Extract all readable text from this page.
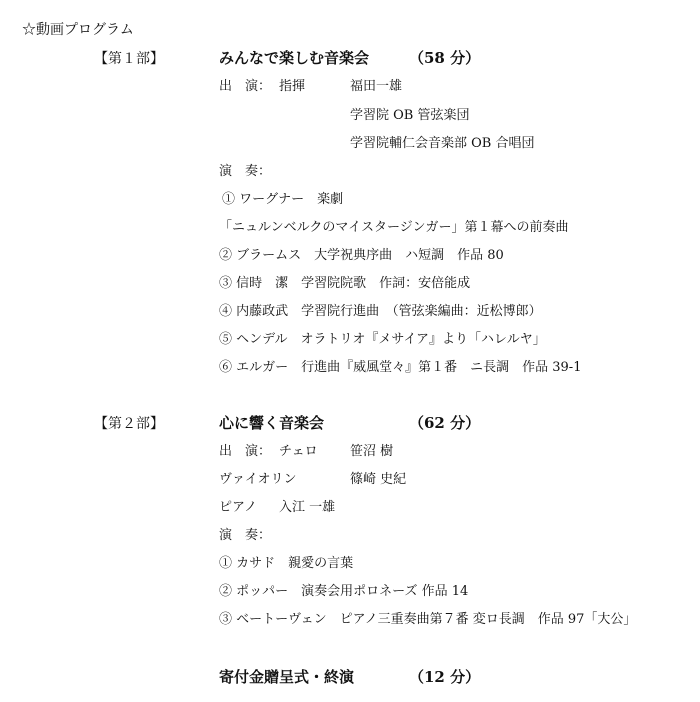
☆動画プログラム
【第１部】	みんなで楽しむ音楽会	（58 分）
出　演： 指揮	福田一雄
学習院 OB 管弦楽団
学習院輔仁会音楽部 OB 合唱団
演　奏：
① ワーグナー　楽劇
「ニュルンベルクのマイスタージンガー」第１幕への前奏曲
② ブラームス　大学祝典序曲　ハ短調　作品 80
③ 信時　潔　学習院院歌　作詞：安倍能成
④ 内藤政武　学習院行進曲　（管弦楽編曲：近松博郎）
⑤ ヘンデル　オラトリオ『メサイア』より「ハレルヤ」
⑥ エルガー　行進曲『威風堂々』第１番　ニ長調　作品 39-1
【第２部】	心に響く音楽会	（62 分）
出　演： チェロ 笹沼 樹
ヴァイオリン	篠崎 史紀
ピアノ 入江 一雄
演　奏：
① カサド　親愛の言葉
② ポッパー　演奏会用ポロネーズ 作品 14
③ ベートーヴェン　ピアノ三重奏曲第７番 変ロ長調　作品 97「大公」
寄付金贈呈式・終演	（12 分）
